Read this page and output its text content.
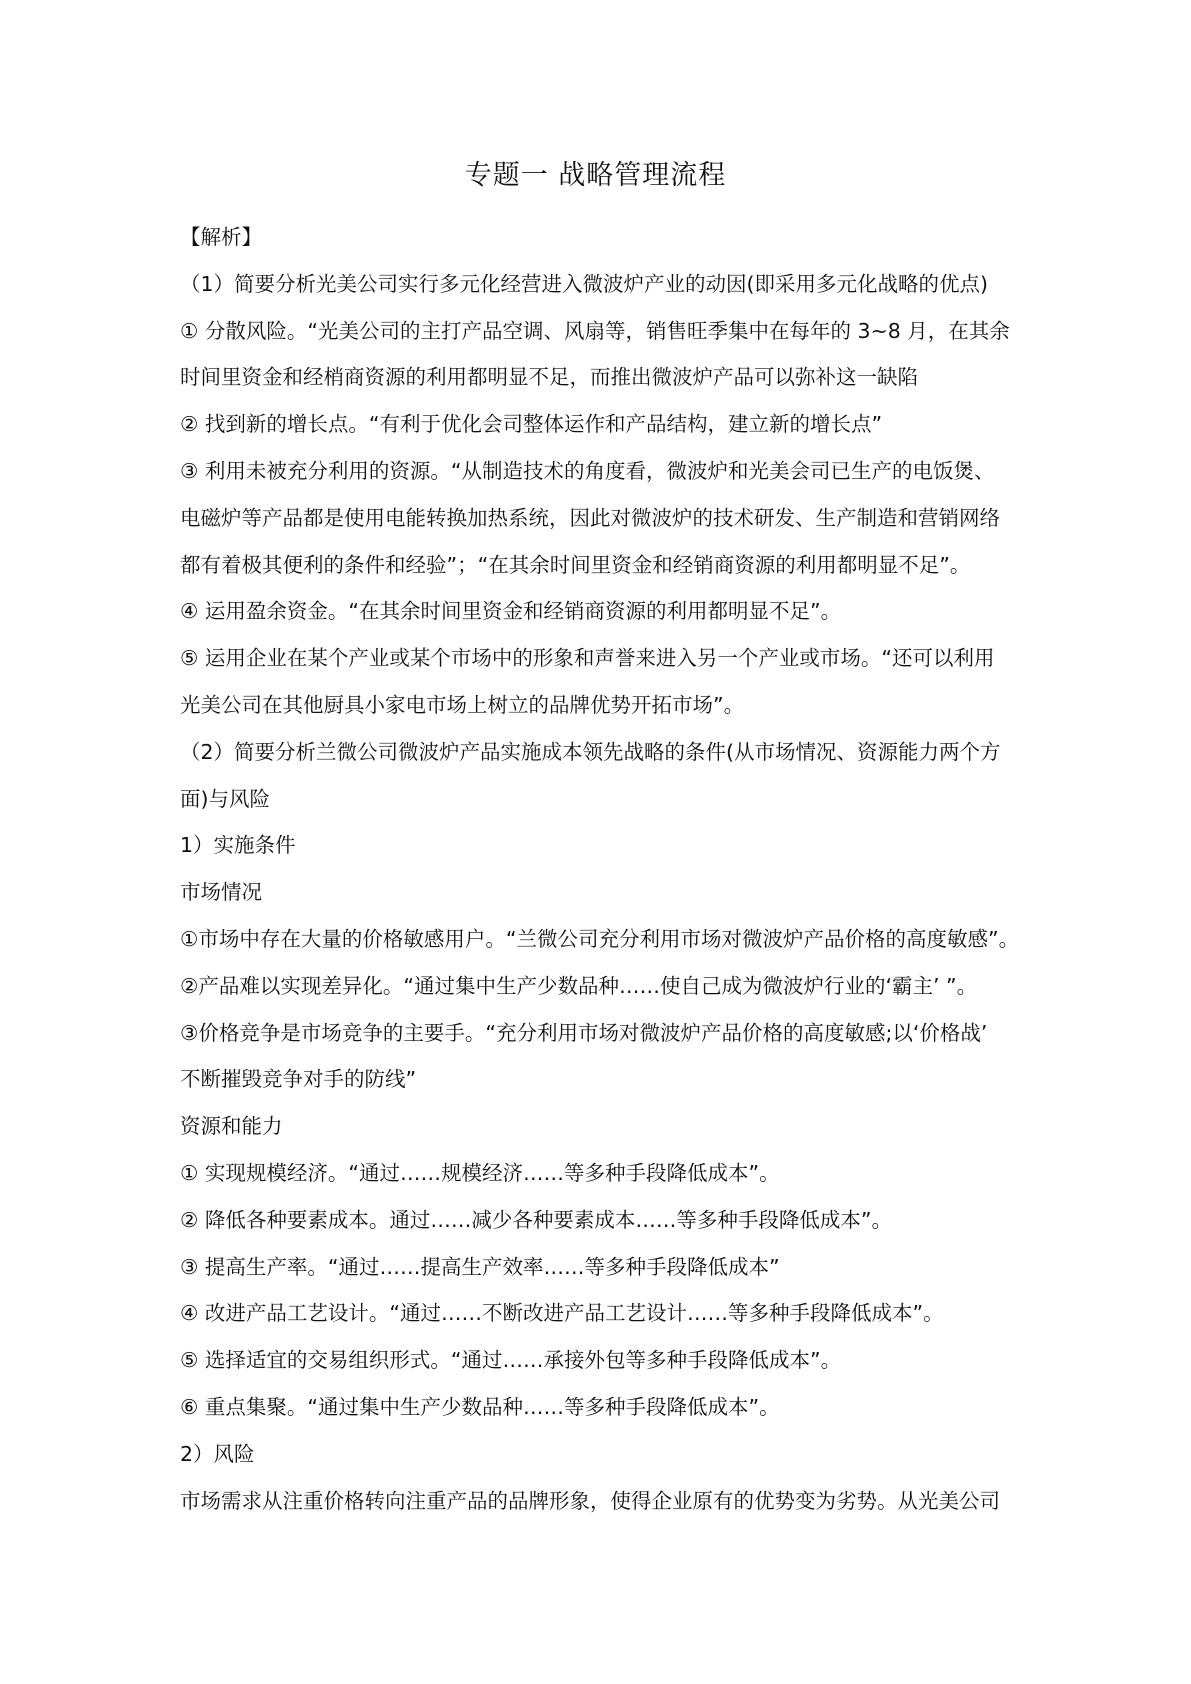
专题一 战略管理流程
【解析】
（1）简要分析光美公司实行多元化经营进入微波炉产业的动因(即采用多元化战略的优点)
① 分散风险。“光美公司的主打产品空调、风扇等，销售旺季集中在每年的 3~8 月，在其余
时间里资金和经梢商资源的利用都明显不足，而推出微波炉产品可以弥补这一缺陷
② 找到新的增长点。“有利于优化会司整体运作和产品结构，建立新的增长点”
③ 利用未被充分利用的资源。“从制造技术的角度看，微波炉和光美会司已生产的电饭煲、
电磁炉等产品都是使用电能转换加热系统，因此对微波炉的技术研发、生产制造和营销网络
都有着极其便利的条件和经验”；“在其余时间里资金和经销商资源的利用都明显不足”。
④ 运用盈余资金。“在其余时间里资金和经销商资源的利用都明显不足”。
⑤ 运用企业在某个产业或某个市场中的形象和声誉来进入另一个产业或市场。“还可以利用
光美公司在其他厨具小家电市场上树立的品牌优势开拓市场”。
（2）简要分析兰微公司微波炉产品实施成本领先战略的条件(从市场情况、资源能力两个方
面)与风险
1）实施条件
市场情况
①市场中存在大量的价格敏感用户。“兰微公司充分利用市场对微波炉产品价格的高度敏感”。
②产品难以实现差异化。“通过集中生产少数品种……使自己成为微波炉行业的‘霸主’ ”。
③价格竞争是市场竞争的主要手。“充分利用市场对微波炉产品价格的高度敏感;以‘价格战’
不断摧毁竞争对手的防线”
资源和能力
① 实现规模经济。“通过……规模经济……等多种手段降低成本”。
② 降低各种要素成本。通过……减少各种要素成本……等多种手段降低成本”。
③ 提高生产率。“通过……提高生产效率……等多种手段降低成本”
④ 改进产品工艺设计。“通过……不断改进产品工艺设计……等多种手段降低成本”。
⑤ 选择适宜的交易组织形式。“通过……承接外包等多种手段降低成本”。
⑥ 重点集聚。“通过集中生产少数品种……等多种手段降低成本”。
2）风险
市场需求从注重价格转向注重产品的品牌形象，使得企业原有的优势变为劣势。从光美公司
